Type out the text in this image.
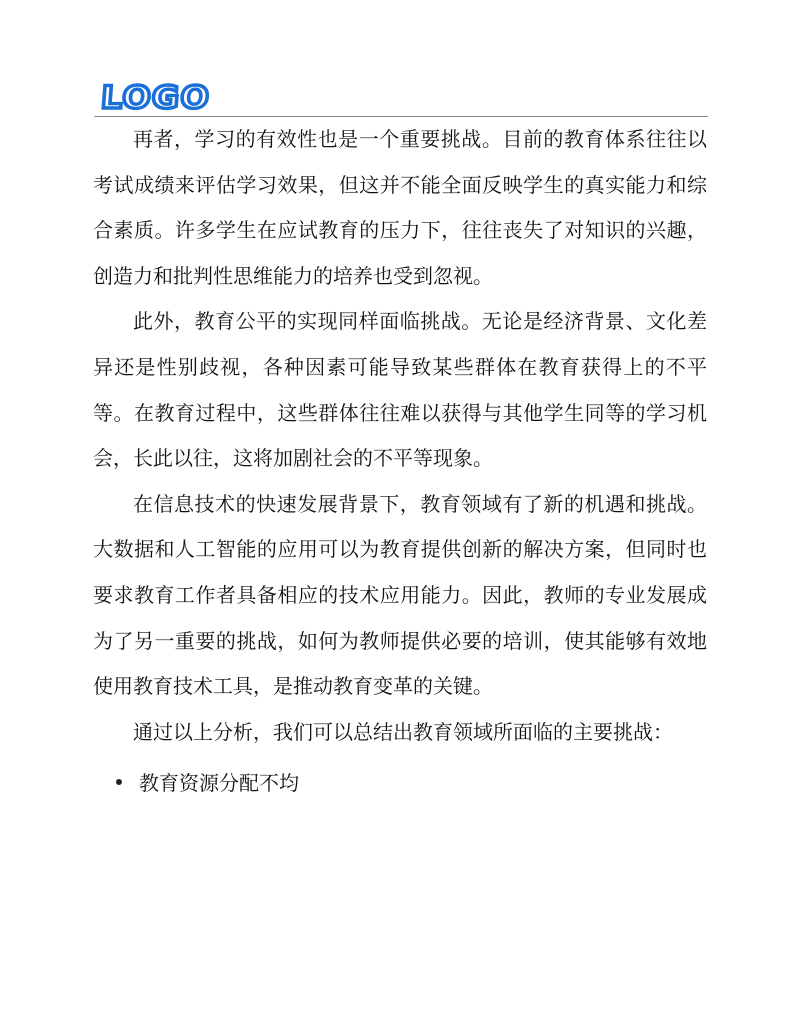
LOGO

再者，学习的有效性也是一个重要挑战。目前的教育体系往往以考试成绩来评估学习效果，但这并不能全面反映学生的真实能力和综合素质。许多学生在应试教育的压力下，往往丧失了对知识的兴趣，创造力和批判性思维能力的培养也受到忽视。

此外，教育公平的实现同样面临挑战。无论是经济背景、文化差异还是性别歧视，各种因素可能导致某些群体在教育获得上的不平等。在教育过程中，这些群体往往难以获得与其他学生同等的学习机会，长此以往，这将加剧社会的不平等现象。

在信息技术的快速发展背景下，教育领域有了新的机遇和挑战。大数据和人工智能的应用可以为教育提供创新的解决方案，但同时也要求教育工作者具备相应的技术应用能力。因此，教师的专业发展成为了另一重要的挑战，如何为教师提供必要的培训，使其能够有效地使用教育技术工具，是推动教育变革的关键。

通过以上分析，我们可以总结出教育领域所面临的主要挑战：

教育资源分配不均
